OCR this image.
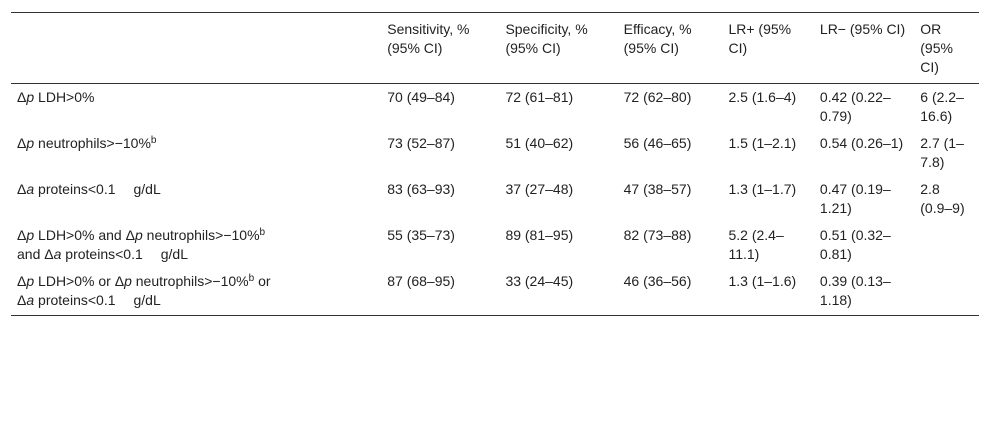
	Sensitivity, % (95% CI)	Specificity, % (95% CI)	Efficacy, % (95% CI)	LR+ (95% CI)	LR− (95% CI)	OR (95% CI)
Δp LDH>0%	70 (49–84)	72 (61–81)	72 (62–80)	2.5 (1.6–4)	0.42 (0.22–0.79)	6 (2.2–16.6)
Δp neutrophils>−10%$^b$	73 (52–87)	51 (40–62)	56 (46–65)	1.5 (1–2.1)	0.54 (0.26–1)	2.7 (1–7.8)
Δa proteins<0.1 g/dL	83 (63–93)	37 (27–48)	47 (38–57)	1.3 (1–1.7)	0.47 (0.19–1.21)	2.8 (0.9–9)
Δp LDH>0% and Δp neutrophils>−10%$^b$
and Δa proteins<0.1 g/dL	55 (35–73)	89 (81–95)	82 (73–88)	5.2 (2.4–11.1)	0.51 (0.32–0.81)	
Δp LDH>0% or Δp neutrophils>−10%$^b$ or
Δa proteins<0.1 g/dL	87 (68–95)	33 (24–45)	46 (36–56)	1.3 (1–1.6)	0.39 (0.13–1.18)	
